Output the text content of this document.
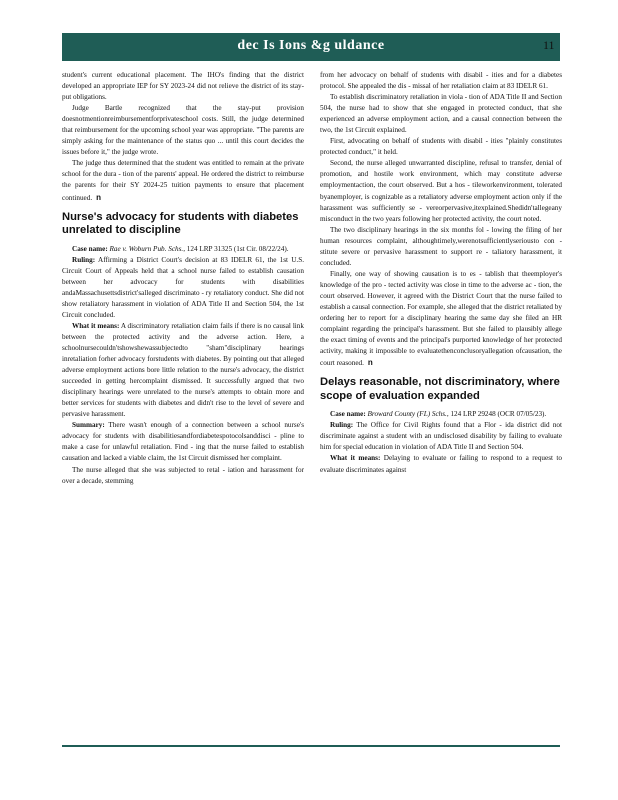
dec Is Ions &g uldance	11

student's current educational placement. The IHO's finding that the district developed an appropriate IEP for SY 2023-24 did not relieve the district of its stay-put obligations.

Judge Bartle recognized that the stay-put provision doesnotmentionreimbursementforprivateschool costs. Still, the judge determined that reimbursement for the upcoming school year was appropriate. "The parents are simply asking for the maintenance of the status quo ... until this court decides the issues before it," the judge wrote.

The judge thus determined that the student was entitled to remain at the private school for the dura - tion of the parents' appeal. He ordered the district to reimburse the parents for their SY 2024-25 tuition payments to ensure that placement continued. n

Nurse's advocacy for students with diabetes unrelated to discipline

Case name: Rae v. Woburn Pub. Schs., 124 LRP 31325 (1st Cir. 08/22/24).

Ruling: Affirming a District Court's decision at 83 IDELR 61, the 1st U.S. Circuit Court of Appeals held that a school nurse failed to establish causation between her advocacy for students with disabilities andaMassachusettsdistrict'salleged discriminato - ry retaliatory conduct. She did not show retaliatory harassment in violation of ADA Title II and Section 504, the 1st Circuit concluded.

What it means: A discriminatory retaliation claim fails if there is no causal link between the protected activity and the adverse action. Here, a schoolnursecouldn'tshowshewassubjectedto "sham"disciplinary hearings inretaliation forher advocacy forstudents with diabetes. By pointing out that alleged adverse employment actions bore little relation to the nurse's advocacy, the district succeeded in getting hercomplaint dismissed. It successfully argued that two disciplinary hearings were unrelated to the nurse's attempts to obtain more and better services for students with diabetes and didn't rise to the level of severe and pervasive harassment.

Summary: There wasn't enough of a connection between a school nurse's advocacy for students with disabilitiesandfordiabetespotocolsanddisci - pline to make a case for unlawful retaliation. Find - ing that the nurse failed to establish causation and lacked a viable claim, the 1st Circuit dismissed her complaint.

The nurse alleged that she was subjected to retal - iation and harassment for over a decade, stemming

from her advocacy on behalf of students with disabil - ities and for a diabetes protocol. She appealed the dis - missal of her retaliation claim at 83 IDELR 61.

To establish discriminatory retaliation in viola - tion of ADA Title II and Section 504, the nurse had to show that she engaged in protected conduct, that she experienced an adverse employment action, and a causal connection between the two, the 1st Circuit explained.

First, advocating on behalf of students with disabil - ities "plainly constitutes protected conduct," it held.

Second, the nurse alleged unwarranted discipline, refusal to transfer, denial of promotion, and hostile work environment, which may constitute adverse employmentaction, the court observed. But a hos - tileworkenvironment, tolerated byanemployer, is cognizable as a retaliatory adverse employment action only if the harassment was sufficiently se - vereorpervasive,itexplained.Shedidn'tallegeany misconduct in the two years following her protected activity, the court noted.

The two disciplinary hearings in the six months fol - lowing the filing of her human resources complaint, althoughtimely,werenotsufficientlyseriousto con - stitute severe or pervasive harassment to support re - taliatory harassment, it concluded.

Finally, one way of showing causation is to es - tablish that theemployer's knowledge of the pro - tected activity was close in time to the adverse ac - tion, the court observed. However, it agreed with the District Court that the nurse failed to establish a causal connection. For example, she alleged that the district retaliated by ordering her to report for a disciplinary hearing the same day she filed an HR complaint regarding the principal's harassment. But she failed to plausibly allege the exact timing of events and the principal's purported knowledge of her protected activity, making it impossible to evaluatethenconclusoryallegation ofcausation, the court reasoned. n

Delays reasonable, not discriminatory, where scope of evaluation expanded

Case name: Broward County (FL) Schs., 124 LRP 29248 (OCR 07/05/23).

Ruling: The Office for Civil Rights found that a Flor - ida district did not discriminate against a student with an undisclosed disability by failing to evaluate him for special education in violation of ADA Title II and Section 504.

What it means: Delaying to evaluate or failing to respond to a request to evaluate discriminates against
